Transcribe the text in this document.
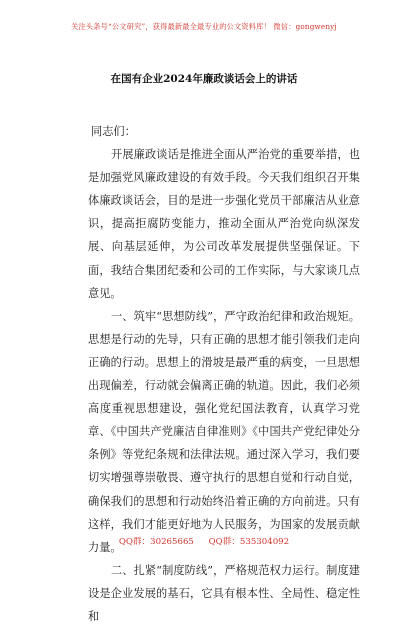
关注头条号“公文研究”，获得最新最全最专业的公文资料库！ 微信：gongwenyj
在国有企业2024年廉政谈话会上的讲话

同志们：

开展廉政谈话是推进全面从严治党的重要举措，也是加强党风廉政建设的有效手段。今天我们组织召开集体廉政谈话会，目的是进一步强化党员干部廉洁从业意识，提高拒腐防变能力，推动全面从严治党向纵深发展、向基层延伸，为公司改革发展提供坚强保证。下面，我结合集团纪委和公司的工作实际，与大家谈几点意见。

一、筑牢“思想防线”，严守政治纪律和政治规矩。思想是行动的先导，只有正确的思想才能引领我们走向正确的行动。思想上的滑坡是最严重的病变，一旦思想出现偏差，行动就会偏离正确的轨道。因此，我们必须高度重视思想建设，强化党纪国法教育，认真学习党章、《中国共产党廉洁自律准则》《中国共产党纪律处分条例》等党纪条规和法律法规。通过深入学习，我们要切实增强尊崇敬畏、遵守执行的思想自觉和行动自觉，确保我们的思想和行动始终沿着正确的方向前进。只有这样，我们才能更好地为人民服务，为国家的发展贡献力量。

二、扎紧“制度防线”，严格规范权力运行。制度建设是企业发展的基石，它具有根本性、全局性、稳定性和

QQ群：30265665 QQ群：535304092
